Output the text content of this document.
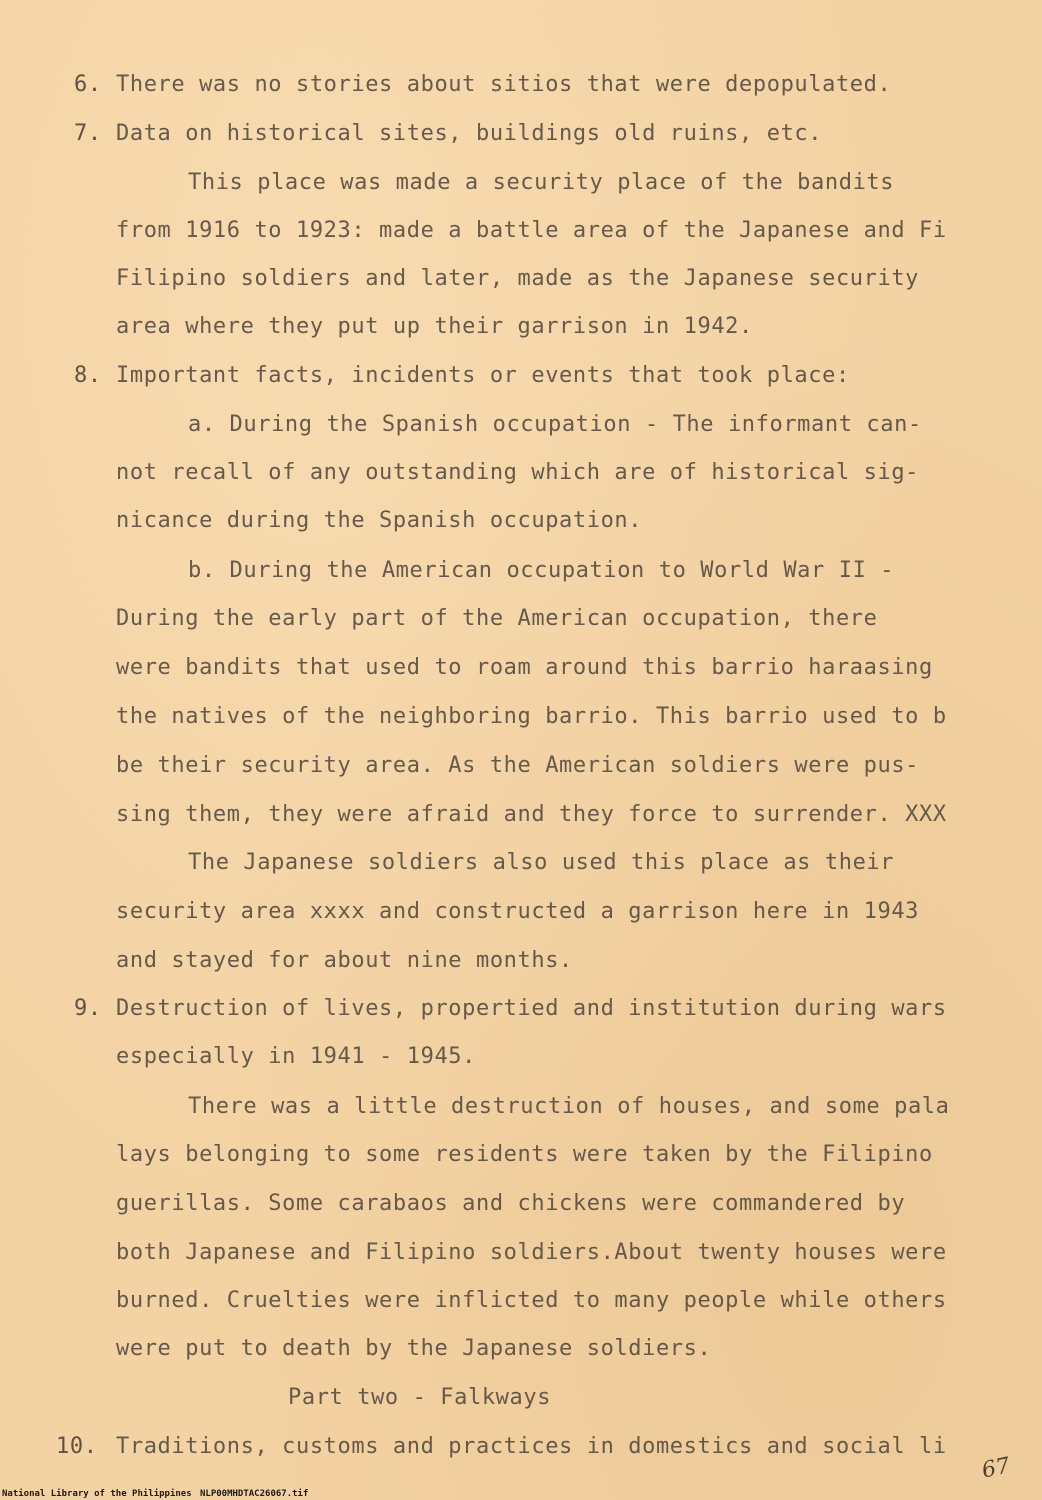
6. There was no stories about sitios that were depopulated.
7. Data on historical sites, buildings old ruins, etc.
This place was made a security place of the bandits
from 1916 to 1923: made a battle area of the Japanese and Fi
Filipino soldiers and later, made as the Japanese security
area where they put up their garrison in 1942.
8. Important facts, incidents or events that took place:
a. During the Spanish occupation - The informant can-
not recall of any outstanding which are of historical sig-
nicance during the Spanish occupation.
b. During the American occupation to World War II -
During the early part of the American occupation, there
were bandits that used to roam around this barrio haraasing
the natives of the neighboring barrio. This barrio used to b
be their security area. As the American soldiers were pus-
sing them, they were afraid and they force to surrender. XXX
The Japanese soldiers also used this place as their
security area xxxx and constructed a garrison here in 1943
and stayed for about nine months.
9. Destruction of lives, propertied and institution during wars
especially in 1941 - 1945.
There was a little destruction of houses, and some pala
lays belonging to some residents were taken by the Filipino
guerillas. Some carabaos and chickens were commandered by
both Japanese and Filipino soldiers.About twenty houses were
burned. Cruelties were inflicted to many people while others
were put to death by the Japanese soldiers.
Part two - Falkways
10. Traditions, customs and practices in domestics and social li
67
National Library of the Philippines NLP00MHDTAC26067.tif
